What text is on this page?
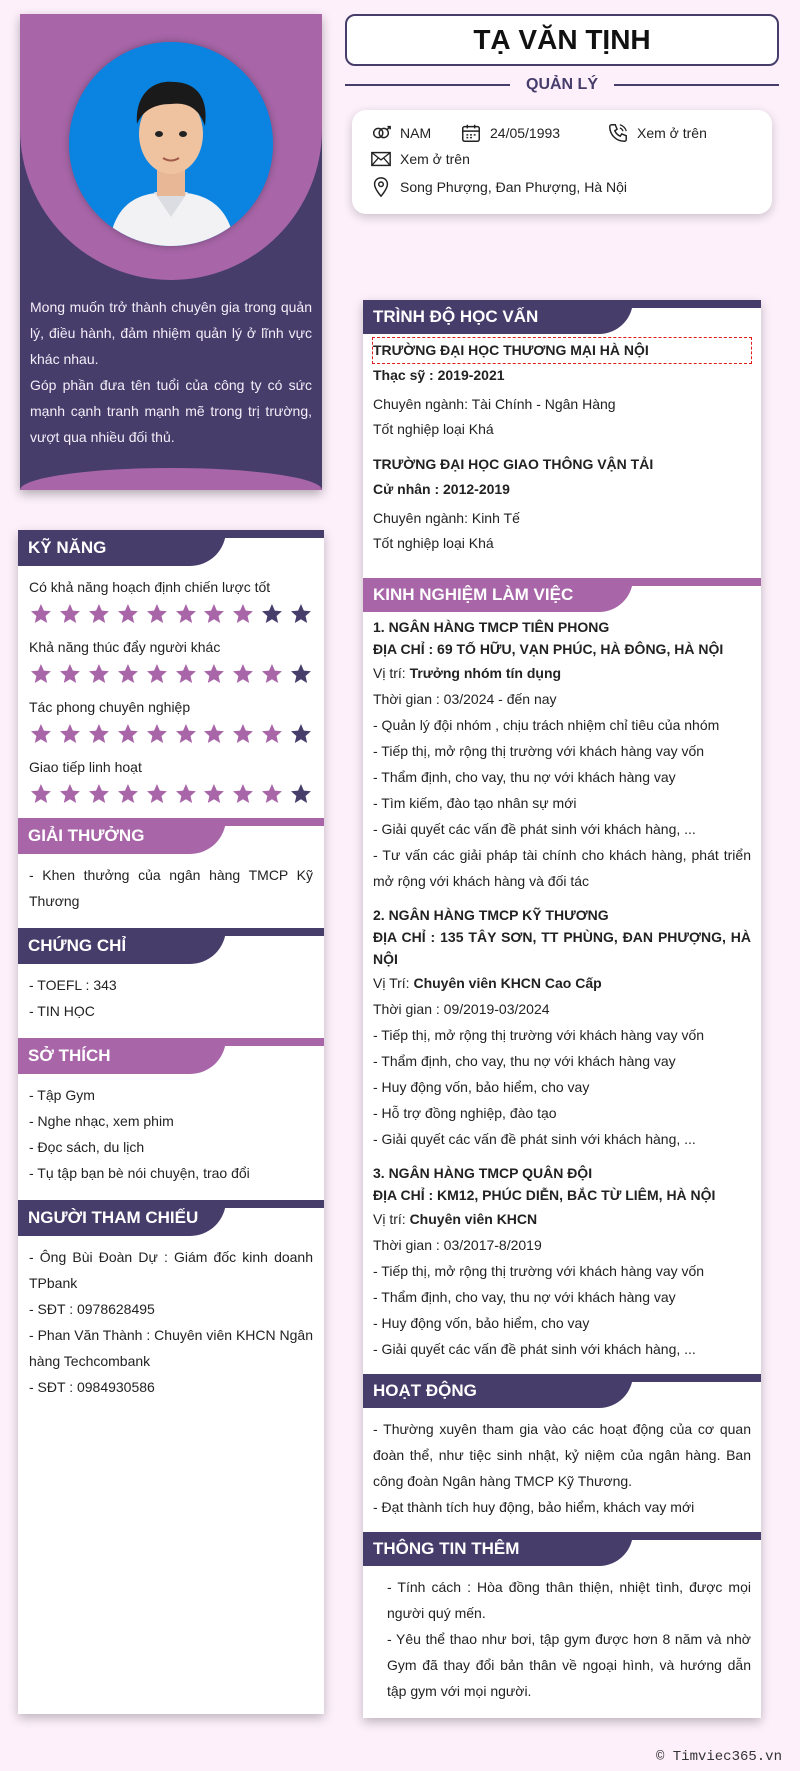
Mong muốn trở thành chuyên gia trong quản lý, điều hành, đảm nhiệm quản lý ở lĩnh vực khác nhau.

Góp phần đưa tên tuổi của công ty có sức mạnh cạnh tranh mạnh mẽ trong trị trường, vượt qua nhiều đối thủ.

KỸ NĂNG
Có khả năng hoạch định chiến lược tốt
Khả năng thúc đẩy người khác
Tác phong chuyên nghiệp
Giao tiếp linh hoạt
GIẢI THƯỞNG
- Khen thưởng của ngân hàng TMCP Kỹ Thương
CHỨNG CHỈ
- TOEFL : 343
- TIN HỌC
SỞ THÍCH
- Tập Gym
- Nghe nhạc, xem phim
- Đọc sách, du lịch
- Tụ tập bạn bè nói chuyện, trao đổi
NGƯỜI THAM CHIẾU
- Ông Bùi Đoàn Dự : Giám đốc kinh doanh TPbank
- SĐT : 0978628495
- Phan Văn Thành : Chuyên viên KHCN Ngân hàng Techcombank
- SĐT : 0984930586
TẠ VĂN TỊNH
QUẢN LÝ
NAM	24/05/1993	Xem ở trên
Xem ở trên
Song Phượng, Đan Phượng, Hà Nội
TRÌNH ĐỘ HỌC VẤN
TRƯỜNG ĐẠI HỌC THƯƠNG MẠI HÀ NỘI
Thạc sỹ : 2019-2021
Chuyên ngành: Tài Chính - Ngân Hàng
Tốt nghiệp loại Khá
TRƯỜNG ĐẠI HỌC GIAO THÔNG VẬN TẢI
Cử nhân : 2012-2019
Chuyên ngành: Kinh Tế
Tốt nghiệp loại Khá
KINH NGHIỆM LÀM VIỆC
1. NGÂN HÀNG TMCP TIÊN PHONG
ĐỊA CHỈ : 69 TỐ HỮU, VẠN PHÚC, HÀ ĐÔNG, HÀ NỘI
Vị trí: Trưởng nhóm tín dụng
Thời gian : 03/2024 - đến nay
- Quản lý đội nhóm , chịu trách nhiệm chỉ tiêu của nhóm
- Tiếp thị, mở rộng thị trường với khách hàng vay vốn
- Thẩm định, cho vay, thu nợ với khách hàng vay
- Tìm kiếm, đào tạo nhân sự mới
- Giải quyết các vấn đề phát sinh với khách hàng, ...
- Tư vấn các giải pháp tài chính cho khách hàng, phát triển mở rộng với khách hàng và đối tác
2. NGÂN HÀNG TMCP KỸ THƯƠNG
ĐỊA CHỈ : 135 TÂY SƠN, TT PHÙNG, ĐAN PHƯỢNG, HÀ NỘI
Vị Trí: Chuyên viên KHCN Cao Cấp
Thời gian : 09/2019-03/2024
- Tiếp thị, mở rộng thị trường với khách hàng vay vốn
- Thẩm định, cho vay, thu nợ với khách hàng vay
- Huy động vốn, bảo hiểm, cho vay
- Hỗ trợ đồng nghiệp, đào tạo
- Giải quyết các vấn đề phát sinh với khách hàng, ...
3. NGÂN HÀNG TMCP QUÂN ĐỘI
ĐỊA CHỈ : KM12, PHÚC DIỄN, BẮC TỪ LIÊM, HÀ NỘI
Vị trí: Chuyên viên KHCN
Thời gian : 03/2017-8/2019
- Tiếp thị, mở rộng thị trường với khách hàng vay vốn
- Thẩm định, cho vay, thu nợ với khách hàng vay
- Huy động vốn, bảo hiểm, cho vay
- Giải quyết các vấn đề phát sinh với khách hàng, ...
HOẠT ĐỘNG
- Thường xuyên tham gia vào các hoạt động của cơ quan đoàn thể, như tiệc sinh nhật, kỷ niệm của ngân hàng. Ban công đoàn Ngân hàng TMCP Kỹ Thương.
- Đạt thành tích huy động, bảo hiểm, khách vay mới
THÔNG TIN THÊM
- Tính cách : Hòa đồng thân thiện, nhiệt tình, được mọi người quý mến.
- Yêu thể thao như bơi, tập gym được hơn 8 năm và nhờ Gym đã thay đổi bản thân về ngoại hình, và hướng dẫn tập gym với mọi người.
© Timviec365.vn
